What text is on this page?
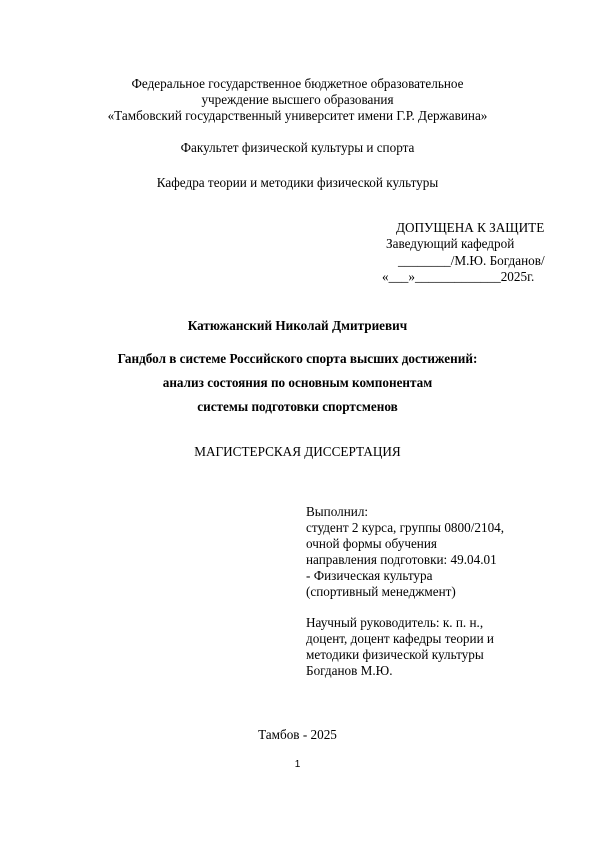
Федеральное государственное бюджетное образовательное
учреждение высшего образования
«Тамбовский государственный университет имени Г.Р. Державина»
Факультет физической культуры и спорта
Кафедра теории и методики физической культуры
ДОПУЩЕНА К ЗАЩИТЕ
Заведующий кафедрой
________/М.Ю. Богданов/
«___»_____________2025г.
Катюжанский Николай Дмитриевич
Гандбол в системе Российского спорта высших достижений:
анализ состояния по основным компонентам
системы подготовки спортсменов
МАГИСТЕРСКАЯ ДИССЕРТАЦИЯ
Выполнил:
студент 2 курса, группы 0800/2104,
очной формы обучения
направления подготовки: 49.04.01
- Физическая культура
(спортивный менеджмент)
Научный руководитель: к. п. н.,
доцент, доцент кафедры теории и
методики физической культуры
Богданов М.Ю.
Тамбов - 2025
1
